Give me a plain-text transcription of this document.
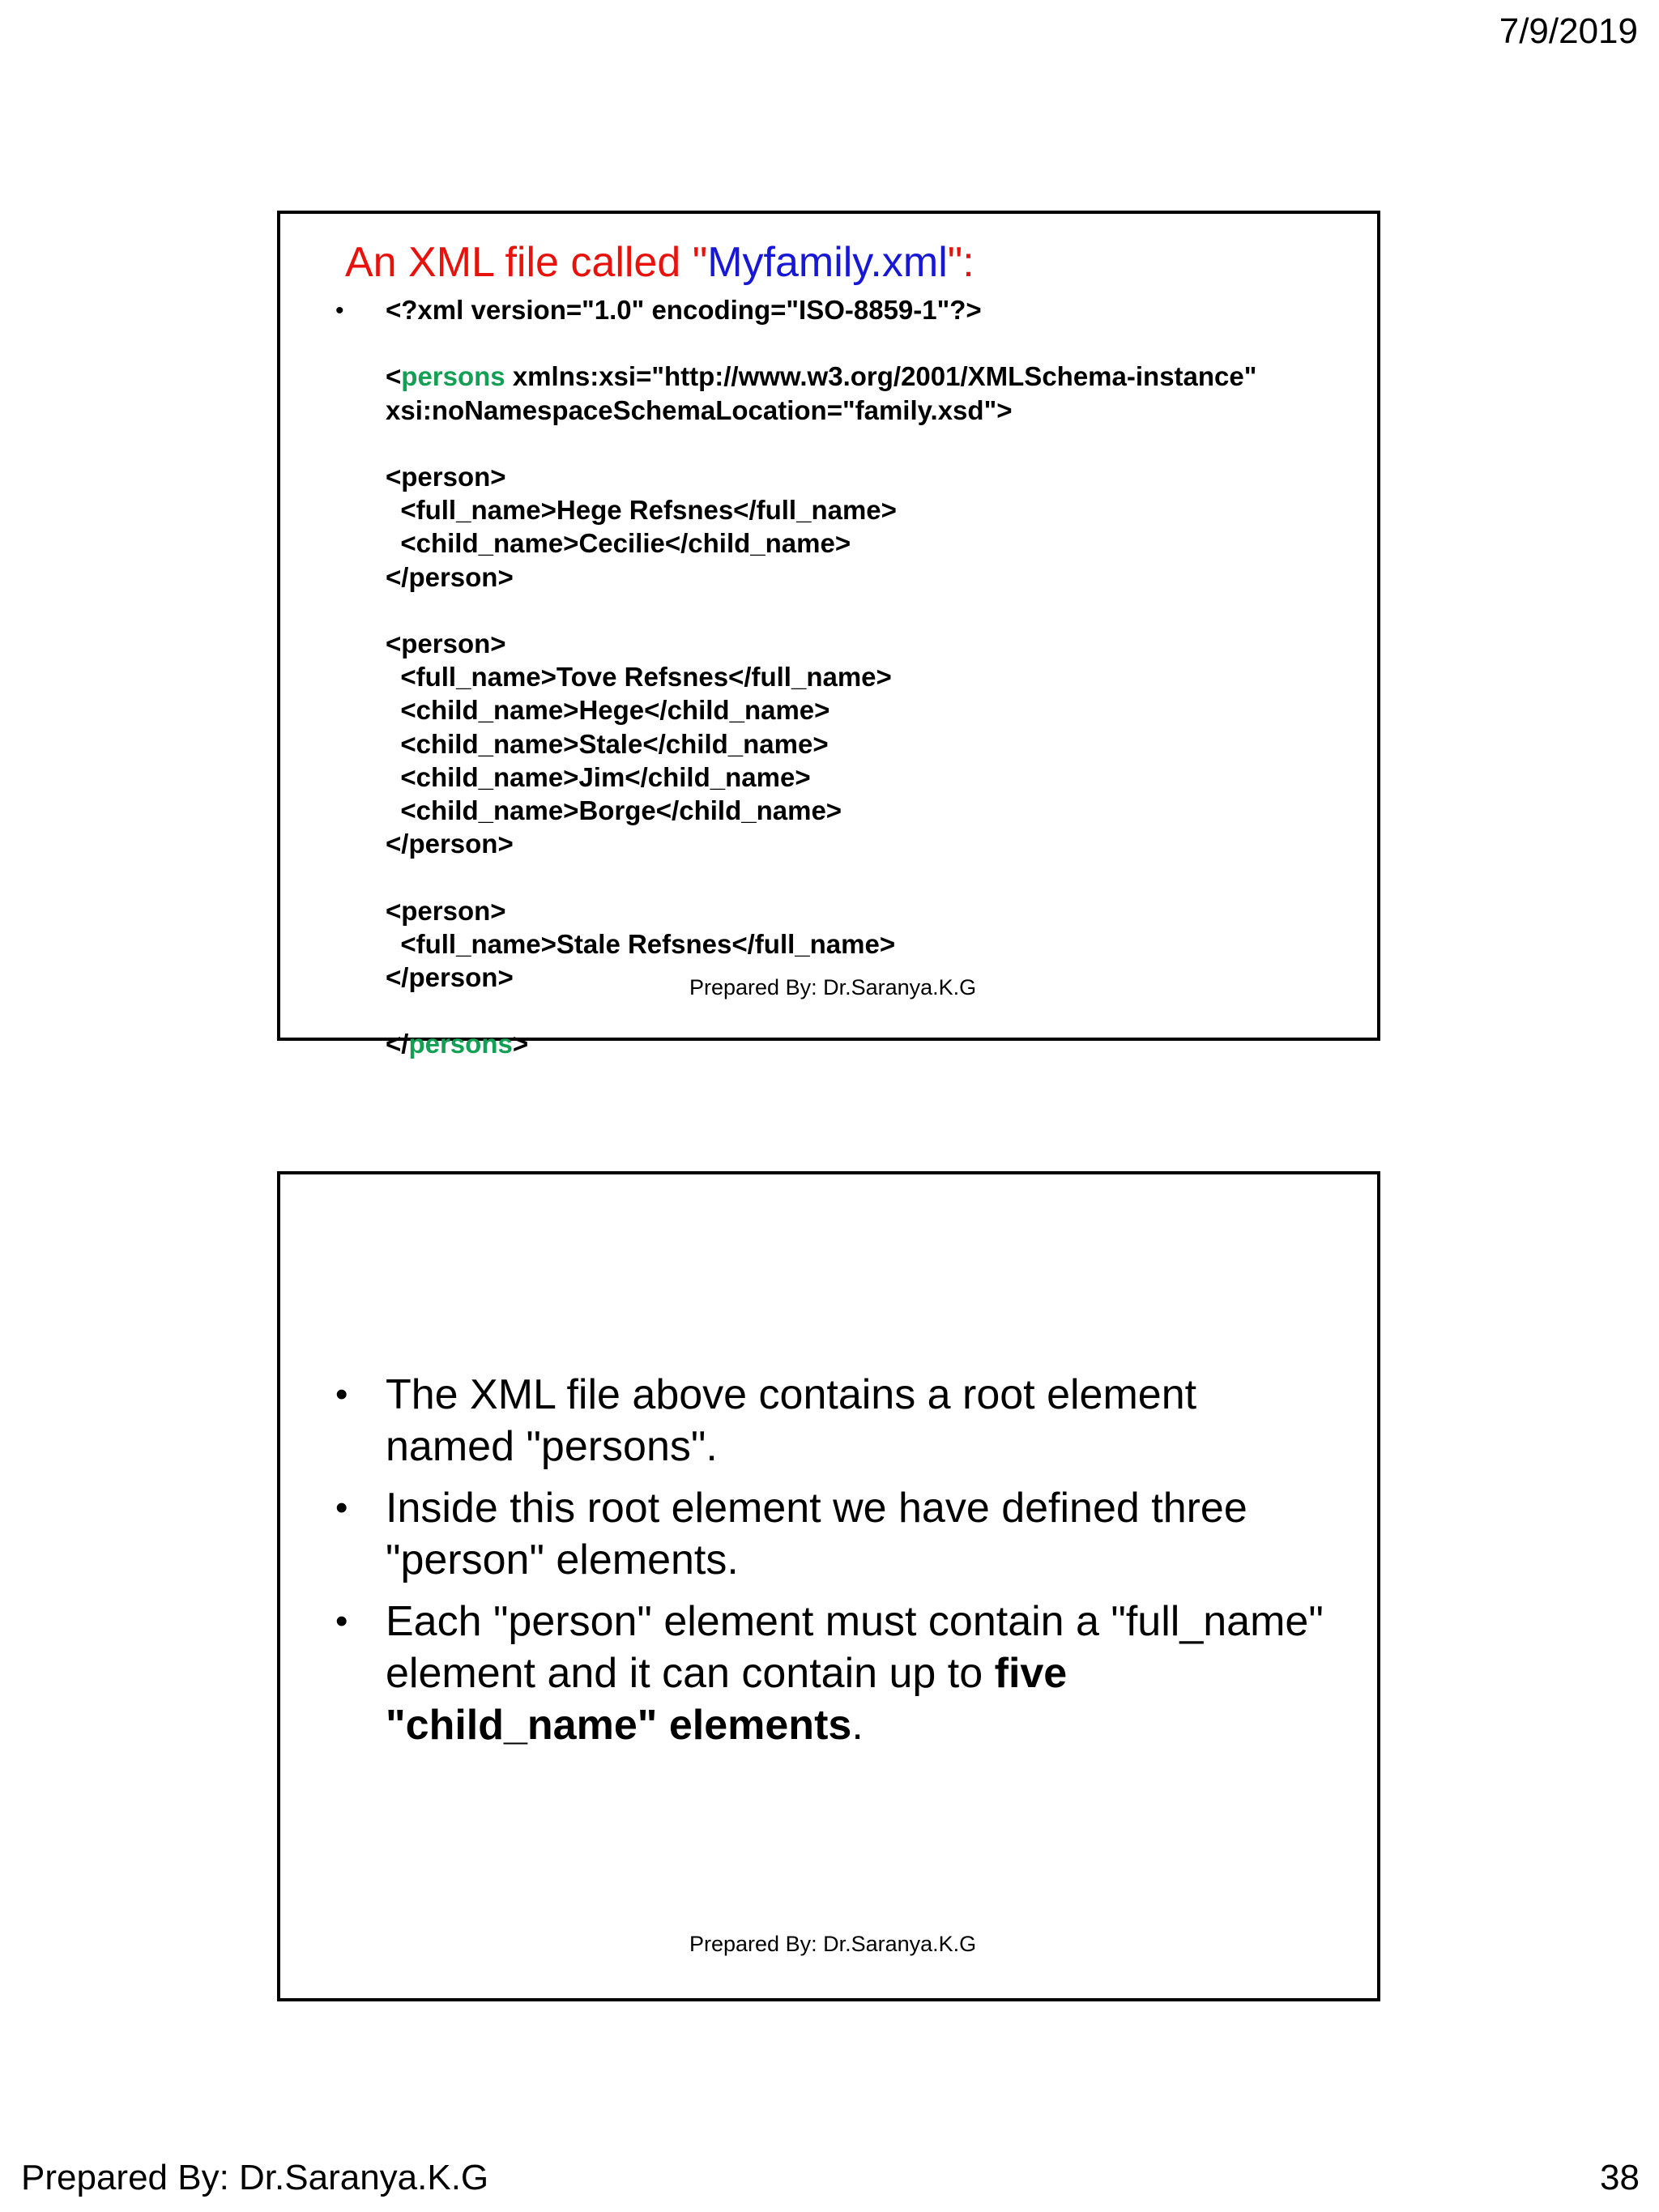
7/9/2019
An XML file called "Myfamily.xml":
• <?xml version="1.0" encoding="ISO-8859-1"?>

<persons xmlns:xsi="http://www.w3.org/2001/XMLSchema-instance"
xsi:noNamespaceSchemaLocation="family.xsd">

<person>
<full_name>Hege Refsnes</full_name>
<child_name>Cecilie</child_name>
</person>

<person>
<full_name>Tove Refsnes</full_name>
<child_name>Hege</child_name>
<child_name>Stale</child_name>
<child_name>Jim</child_name>
<child_name>Borge</child_name>
</person>

<person>
<full_name>Stale Refsnes</full_name>
</person>

</persons>
Prepared By: Dr.Saranya.K.G
• The XML file above contains a root element named "persons".
• Inside this root element we have defined three "person" elements.
• Each "person" element must contain a "full_name" element and it can contain up to five "child_name" elements.
Prepared By: Dr.Saranya.K.G
Prepared By: Dr.Saranya.K.G	38
